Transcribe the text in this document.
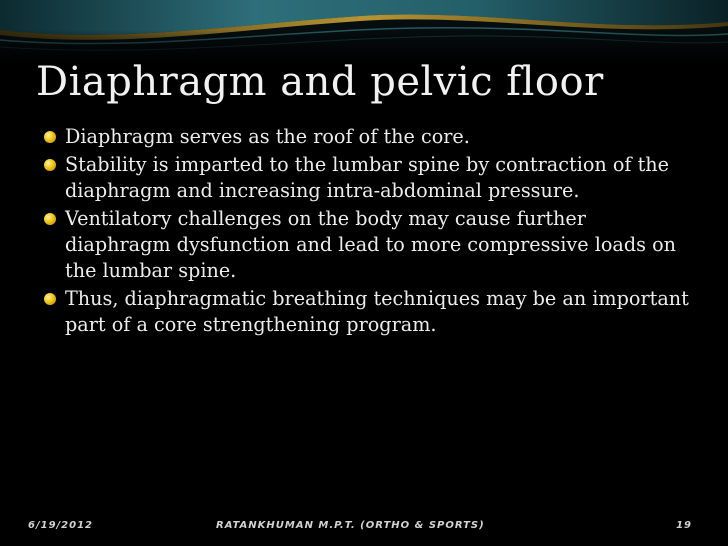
Diaphragm and pelvic floor
Diaphragm serves as the roof of the core.
Stability is imparted to the lumbar spine by contraction of the diaphragm and increasing intra-abdominal pressure.
Ventilatory challenges on the body may cause further diaphragm dysfunction and lead to more compressive loads on the lumbar spine.
Thus, diaphragmatic breathing techniques may be an important part of a core strengthening program.
6/19/2012	RATANKHUMAN M.P.T. (ORTHO & SPORTS)	19
